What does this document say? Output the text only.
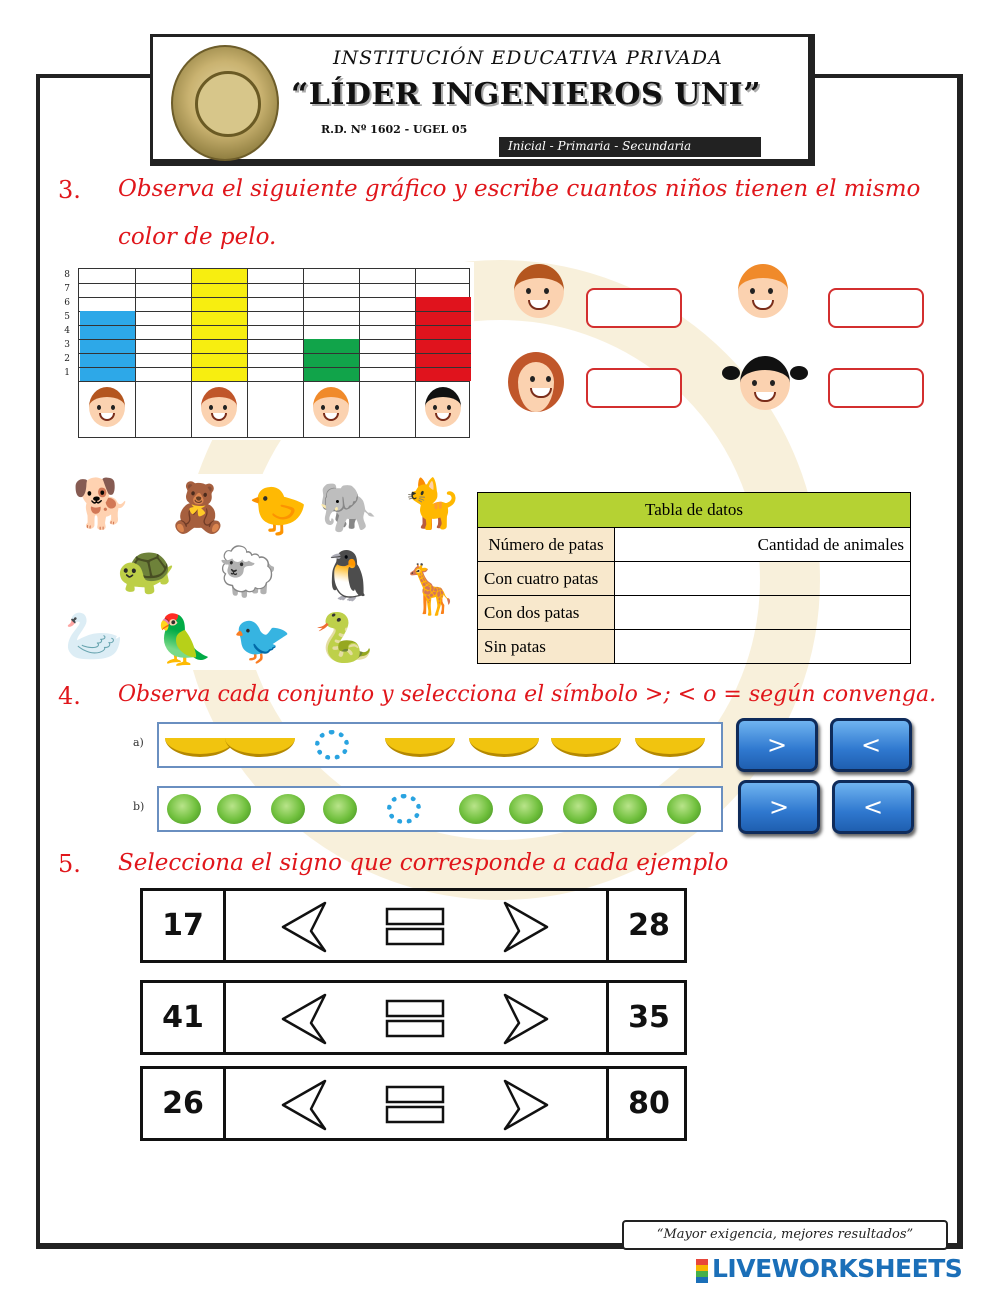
INSTITUCIÓN EDUCATIVA PRIVADA
“LÍDER INGENIEROS UNI”
R.D. Nº 1602 - UGEL 05
Inicial - Primaria - Secundaria
3. Observa el siguiente gráfico y escribe cuantos niños tienen el mismo
color de pelo.
1
2
3
4
5
6
7
8
🐕 🧸 🐤 🐘 🐈
🐢 🐑 🐧 🦒
🦢 🦜 🐦 🐍
Tabla de datos	
Número de patas	Cantidad de animales
Con cuatro patas	
Con dos patas	
Sin patas	
4. Observa cada conjunto y selecciona el símbolo >; < o = según convenga.
a)
b)
>	<
>	<
5. Selecciona el signo que corresponde a cada ejemplo
17	28
41	35
26	80
“Mayor exigencia, mejores resultados”
LIVEWORKSHEETS
